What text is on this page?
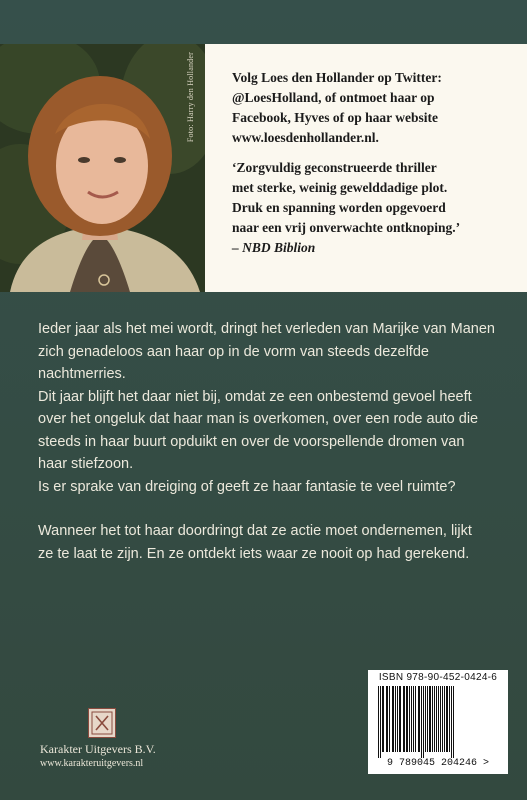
Foto: Harry den Hollander	Volg Loes den Hollander op Twitter:

@LoesHolland, of ontmoet haar op

Facebook, Hyves of op haar website

www.loesdenhollander.nl.

‘Zorgvuldig geconstrueerde thriller
met sterke, weinig gewelddadige plot.
Druk en spanning worden opgevoerd
naar een vrij onverwachte ontknoping.’
– NBD Biblion

Ieder jaar als het mei wordt, dringt het verleden van Marijke van Manen

zich genadeloos aan haar op in de vorm van steeds dezelfde nachtmerries.

Dit jaar blijft het daar niet bij, omdat ze een onbestemd gevoel heeft

over het ongeluk dat haar man is overkomen, over een rode auto die

steeds in haar buurt opduikt en over de voorspellende dromen van

haar stiefzoon.

Is er sprake van dreiging of geeft ze haar fantasie te veel ruimte?

Wanneer het tot haar doordringt dat ze actie moet ondernemen, lijkt

ze te laat te zijn. En ze ontdekt iets waar ze nooit op had gerekend.

Karakter Uitgevers B.V.
www.karakteruitgevers.nl
ISBN 978-90-452-0424-6
9 789045 204246 >
